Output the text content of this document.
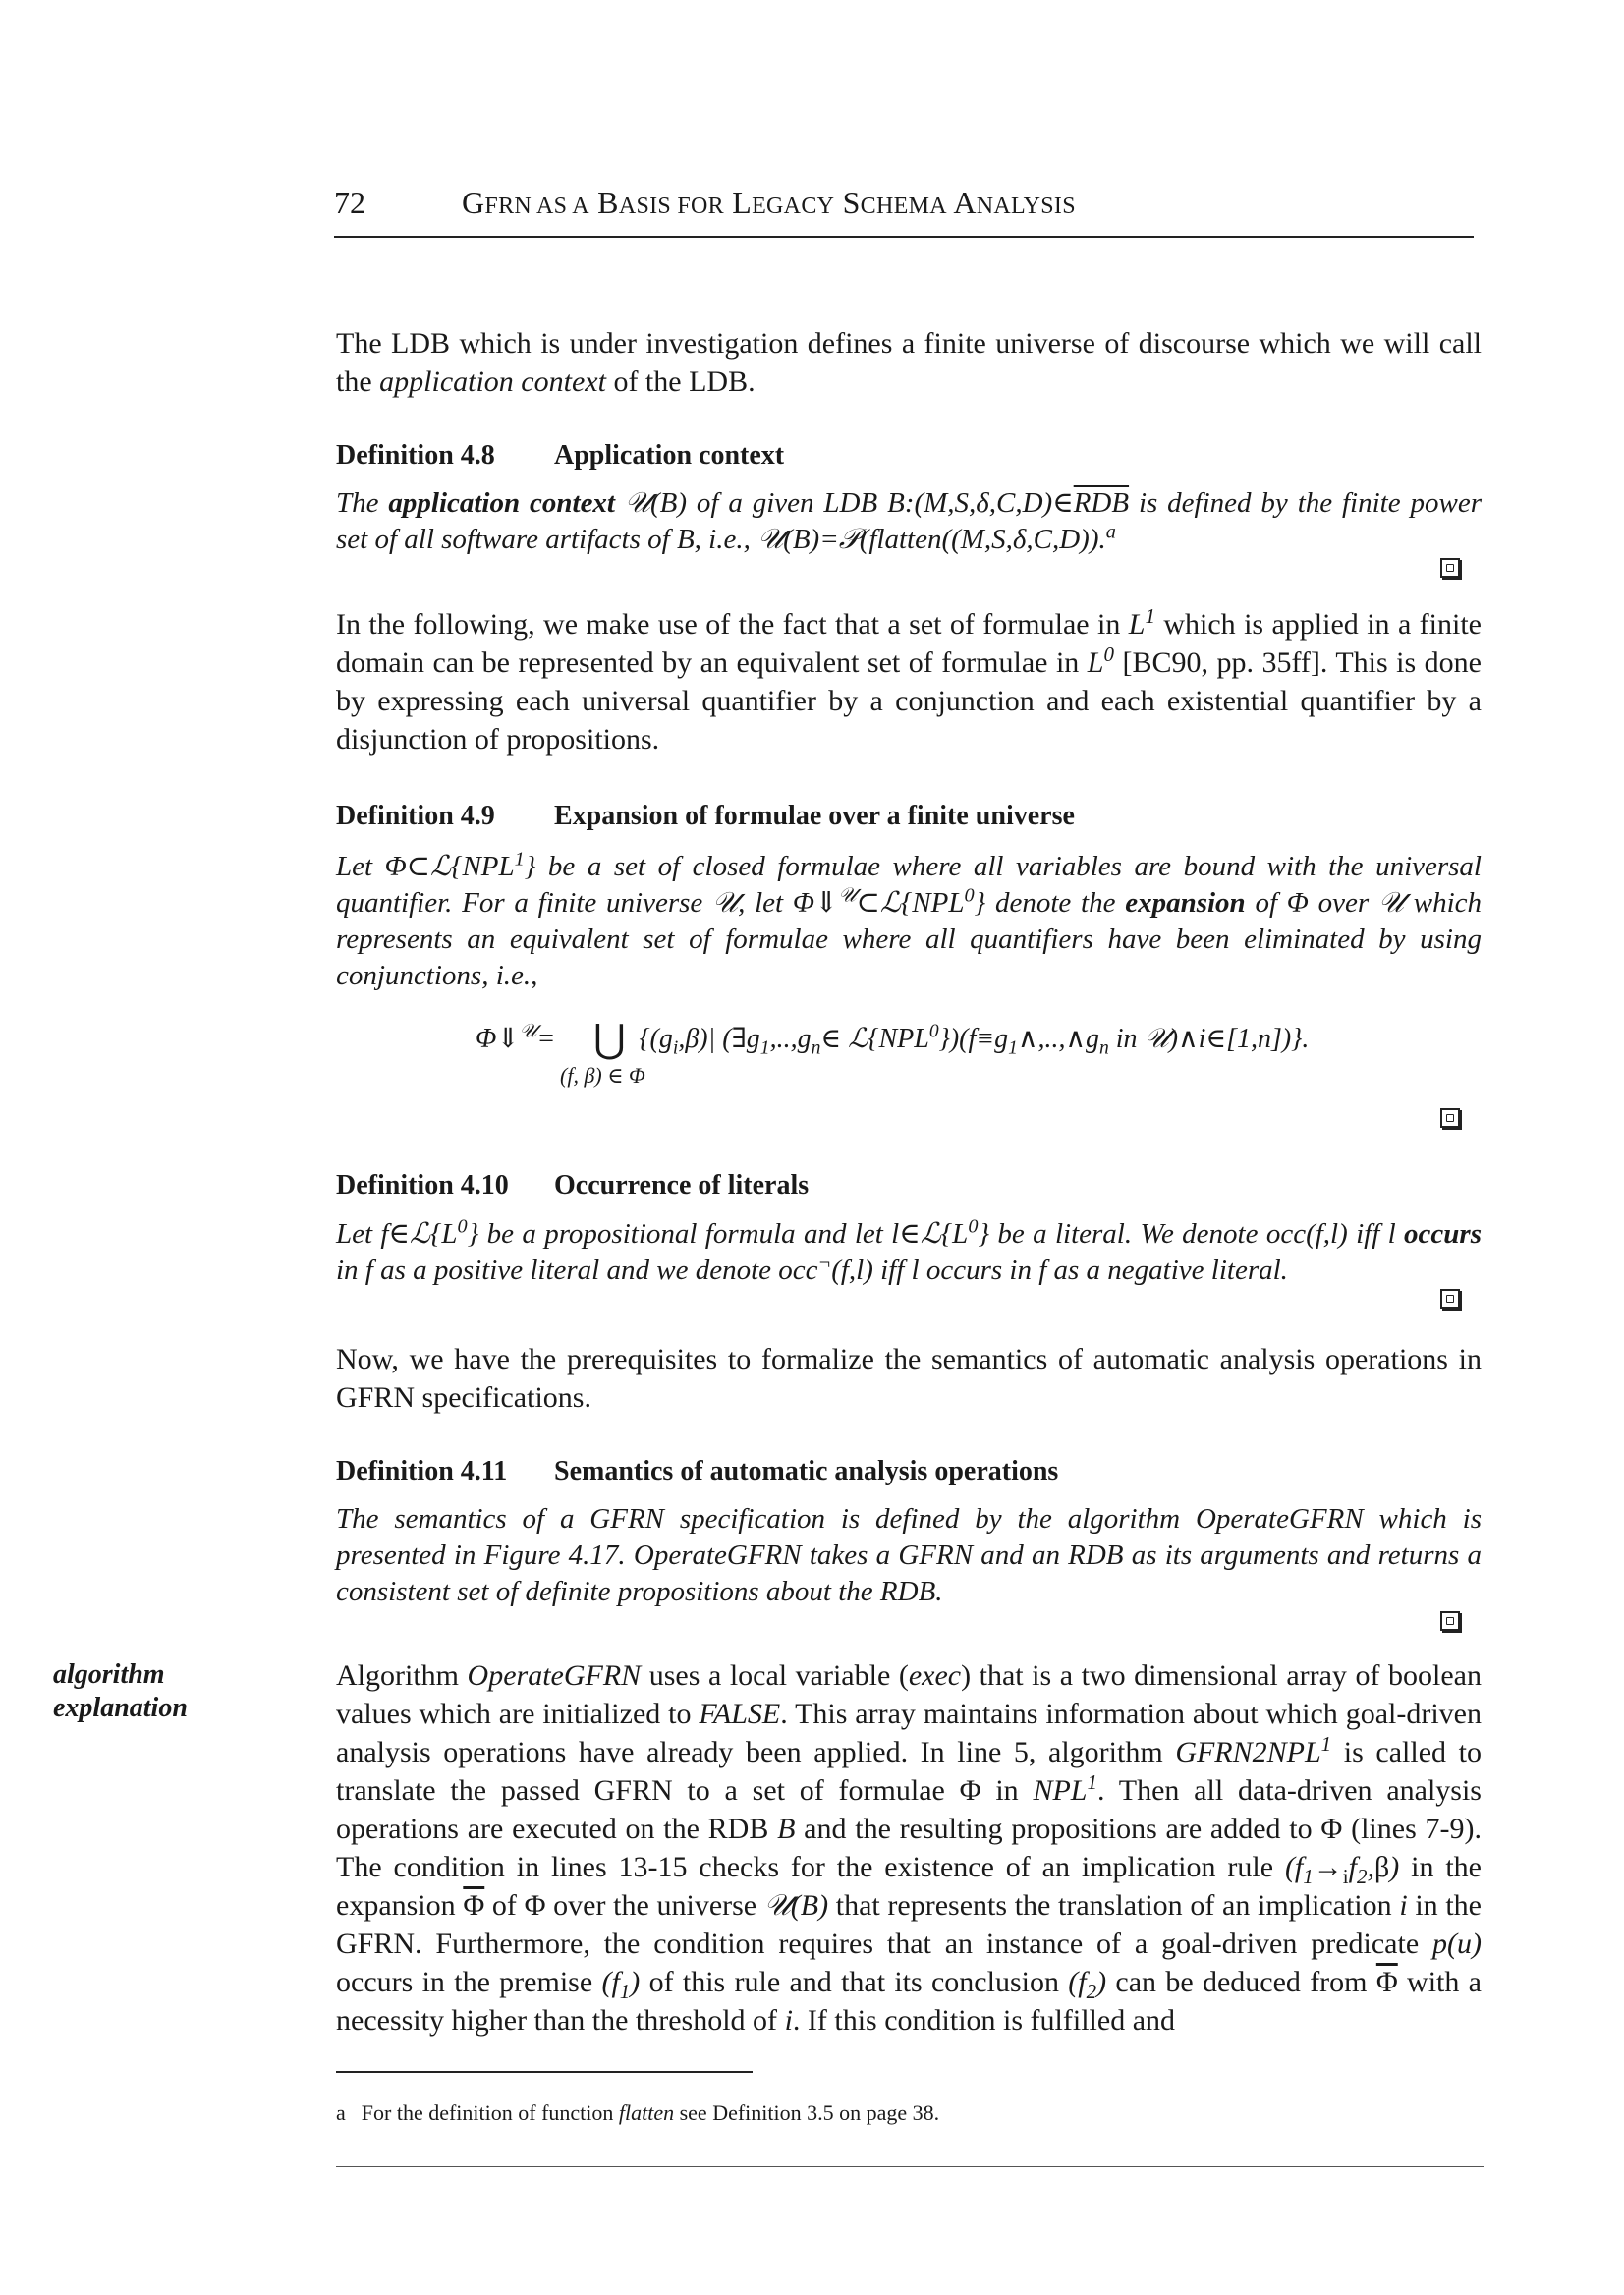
72	GFRN AS A BASIS FOR LEGACY SCHEMA ANALYSIS
The LDB which is under investigation defines a finite universe of discourse which we will call the application context of the LDB.
Definition 4.8 Application context
The application context 𝒰(B) of a given LDB $B:(M,S,\delta,C,D)\in\overline{RDB}$ is defined by the finite power set of all software artifacts of B, i.e., 𝒰(B)=𝒫(flatten((M,S,δ,C,D)).$^a$
In the following, we make use of the fact that a set of formulae in $L^1$ which is applied in a finite domain can be represented by an equivalent set of formulae in $L^0$ [BC90, pp. 35ff]. This is done by expressing each universal quantifier by a conjunction and each existential quantifier by a disjunction of propositions.
Definition 4.9 Expansion of formulae over a finite universe
Let Φ⊂ℒ{NPL$^1$} be a set of closed formulae where all variables are bound with the universal quantifier. For a finite universe 𝒰, let Φ⇓$^𝒰$⊂ℒ{NPL$^0$} denote the expansion of Φ over 𝒰 which represents an equivalent set of formulae where all quantifiers have been eliminated by using conjunctions, i.e.,
Φ⇓$^𝒰$= ⋃ {$(g_i,\beta)|$ ($\exists g_1,..,g_n\in$ $ℒ\{NPL^0\})(f\equiv g_1\wedge,..,\wedge g_n$ in 𝒰)∧i∈[1,n])}.
(f, β) ∈ Φ
Definition 4.10 Occurrence of literals
Let $f\in ℒ\{L^0\}$ be a propositional formula and let $l\in ℒ\{L^0\}$ be a literal. We denote occ(f,l) iff l occurs in f as a positive literal and we denote occ¬(f,l) iff l occurs in f as a negative literal.
Now, we have the prerequisites to formalize the semantics of automatic analysis operations in GFRN specifications.
Definition 4.11 Semantics of automatic analysis operations
The semantics of a GFRN specification is defined by the algorithm OperateGFRN which is presented in Figure 4.17. OperateGFRN takes a GFRN and an RDB as its arguments and returns a consistent set of definite propositions about the RDB.
algorithm
explanation
Algorithm OperateGFRN uses a local variable (exec) that is a two dimensional array of boolean values which are initialized to FALSE. This array maintains information about which goal-driven analysis operations have already been applied. In line 5, algorithm GFRN2NPL$^1$ is called to translate the passed GFRN to a set of formulae Φ in NPL$^1$. Then all data-driven analysis operations are executed on the RDB B and the resulting propositions are added to Φ (lines 7-9). The condition in lines 13-15 checks for the existence of an implication rule $(f_1\to_if_2,\beta)$ in the expansion $\overline{\Phi}$ of Φ over the universe 𝒰(B) that represents the translation of an implication i in the GFRN. Furthermore, the condition requires that an instance of a goal-driven predicate p(u) occurs in the premise $(f_1)$ of this rule and that its conclusion $(f_2)$ can be deduced from $\overline{\Phi}$ with a necessity higher than the threshold of i. If this condition is fulfilled and
a For the definition of function flatten see Definition 3.5 on page 38.
